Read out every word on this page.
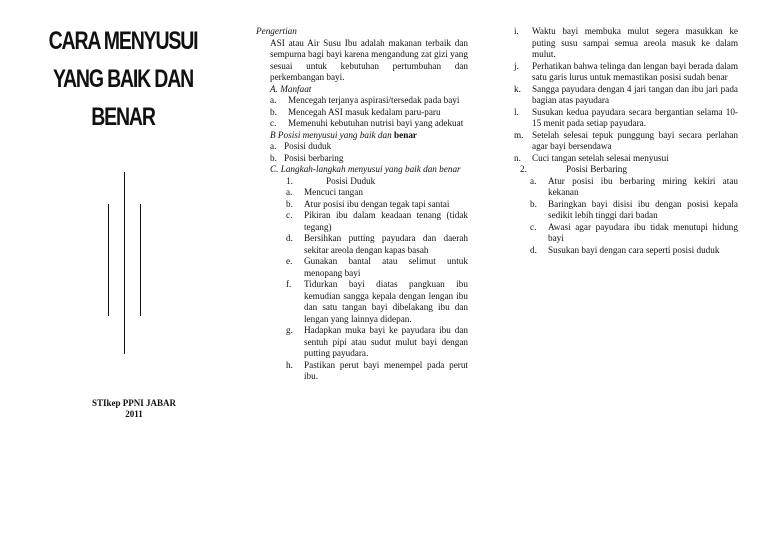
CARA MENYUSUI
YANG BAIK DAN BENAR
STIkep PPNI JABAR
2011

Pengertian

ASI atau Air Susu Ibu adalah makanan terbaik dan sempurna bagi bayi karena mengandung zat gizi yang sesuai untuk kebutuhan pertumbuhan dan perkembangan bayi.

A. Manfaat

a.	Mencegah terjanya aspirasi/tersedak pada bayi
b.	Mencegah ASI masuk kedalam paru-paru
c.	Memenuhi kebutuhan nutrisi bayi yang adekuat

B Posisi menyusui yang baik dan benar

a. Posisi duduk
b. Posisi berbaring

C. Langkah-langkah menyusui yang baik dan benar

1.	Posisi Duduk
a.	Mencuci tangan
b.	Atur posisi ibu dengan tegak tapi santai
c.	Pikiran ibu dalam keadaan tenang (tidak tegang)
d.	Bersihkan putting payudara dan daerah sekitar areola dengan kapas basah
e.	Gunakan bantal atau selimut untuk menopang bayi
f.	Tidurkan bayi diatas pangkuan ibu kemudian sangga kepala dengan lengan ibu dan satu tangan bayi dibelakang ibu dan lengan yang lainnya didepan.
g.	Hadapkan muka bayi ke payudara ibu dan sentuh pipi atau sudut mulut bayi dengan putting payudara.
h.	Pastikan perut bayi menempel pada perut ibu.
i.	Waktu bayi membuka mulut segera masukkan ke puting susu sampai semua areola masuk ke dalam mulut.
j.	Perhatikan bahwa telinga dan lengan bayi berada dalam satu garis lurus untuk memastikan posisi sudah benar
k.	Sangga payudara dengan 4 jari tangan dan ibu jari pada bagian atas payudara
l.	Susukan kedua payudara secara bergantian selama 10-15 menit pada setiap payudara.
m. Setelah selesai tepuk punggung bayi secara perlahan agar bayi bersendawa
n.	Cuci tangan setelah selesai menyusui
2.	Posisi Berbaring
a.	Atur posisi ibu berbaring miring kekiri atau kekanan
b.	Baringkan bayi disisi ibu dengan posisi kepala sedikit lebih tinggi dari badan
c.	Awasi agar payudara ibu tidak menutupi hidung bayi
d.	Susukan bayi dengan cara seperti posisi duduk
